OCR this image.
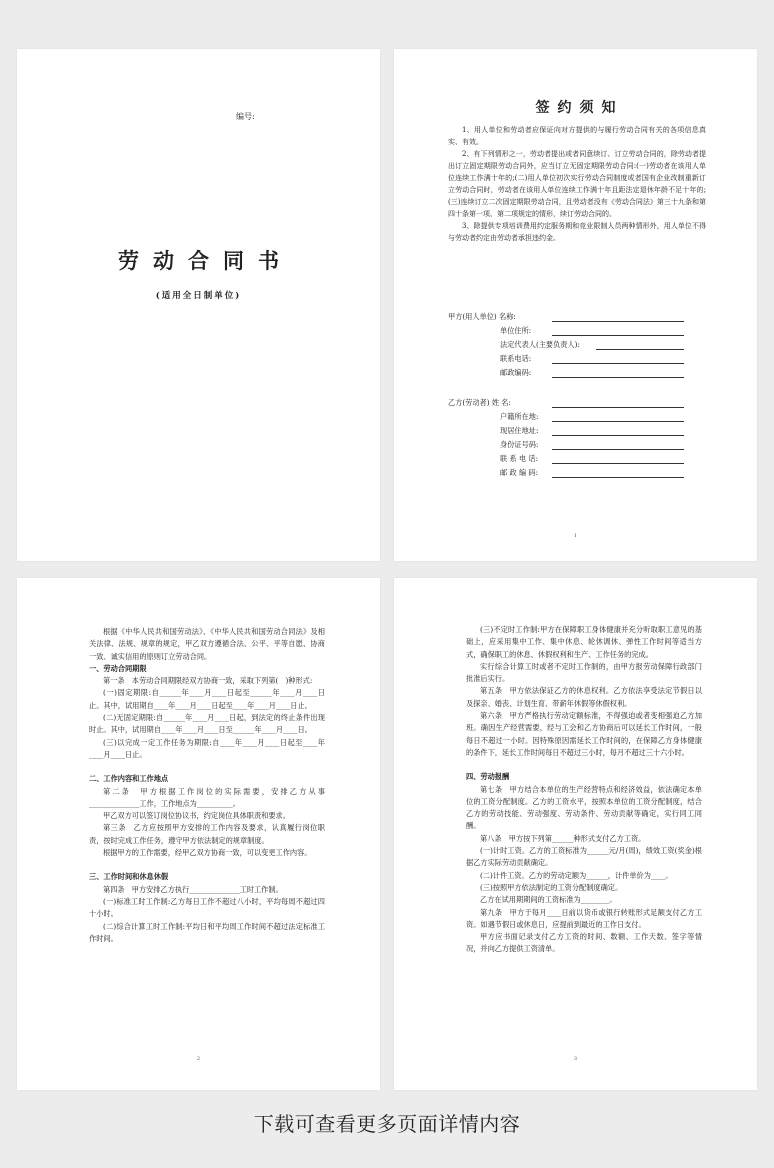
编号:
劳动合同书
(适用全日制单位)
签约须知

1、用人单位和劳动者应保证向对方提供的与履行劳动合同有关的各项信息真实、有效。

2、有下列情形之一，劳动者提出或者同意续订、订立劳动合同的，除劳动者提出订立固定期限劳动合同外，应当订立无固定期限劳动合同:(一)劳动者在该用人单位连续工作满十年的;(二)用人单位初次实行劳动合同制度或者国有企业改制重新订立劳动合同时，劳动者在该用人单位连续工作满十年且距法定退休年龄不足十年的;(三)连续订立二次固定期限劳动合同，且劳动者没有《劳动合同法》第三十九条和第四十条第一项、第二项规定的情形，续订劳动合同的。

3、除提供专项培训费用约定服务期和竞业限制人员两种情形外，用人单位不得与劳动者约定由劳动者承担违约金。

甲方(用人单位) 名称:
单位住所:
法定代表人(主要负责人):
联系电话:
邮政编码:
乙方(劳动者) 姓 名:
户籍所在地:
现居住地址:
身份证号码:
联 系 电 话:
邮 政 编 码:
1

根据《中华人民共和国劳动法》、《中华人民共和国劳动合同法》及相关法律、法规、规章的规定，甲乙双方遵循合法、公平、平等自愿、协商一致、诚实信用的原则订立劳动合同。

一、劳动合同期限

第一条　本劳动合同期限经双方协商一致，采取下列第(　)种形式:

(一)固定期限:自______年____月____日起至______年____月____日止。其中，试用期自____年____月____日起至____年____月____日止。

(二)无固定期限:自______年____月____日起，到法定的终止条件出现时止。其中，试用期自____年____月____日至______年____月____日。

(三)以完成一定工作任务为期限:自____年____月____日起至____年____月____日止。

二、工作内容和工作地点

第二条　甲方根据工作岗位的实际需要，安排乙方从事______________工作，工作地点为__________。

甲乙双方可以签订岗位协议书，约定岗位具体职责和要求。

第三条　乙方应按照甲方安排的工作内容及要求，认真履行岗位职责，按时完成工作任务，遵守甲方依法制定的规章制度。

根据甲方的工作需要，经甲乙双方协商一致，可以变更工作内容。

三、工作时间和休息休假

第四条　甲方安排乙方执行______________工时工作制。

(一)标准工时工作制:乙方每日工作不超过八小时，平均每周不超过四十小时。

(二)综合计算工时工作制:平均日和平均周工作时间不超过法定标准工作时间。

2

(三)不定时工作制:甲方在保障职工身体健康并充分听取职工意见的基础上，应采用集中工作、集中休息、轮休调休、弹性工作时间等适当方式，确保职工的休息、休假权利和生产、工作任务的完成。

实行综合计算工时或者不定时工作制的，由甲方报劳动保障行政部门批准后实行。

第五条　甲方依法保证乙方的休息权利。乙方依法享受法定节假日以及探亲、婚丧、计划生育、带薪年休假等休假权利。

第六条　甲方严格执行劳动定额标准，不得强迫或者变相强迫乙方加班。确因生产经营需要，经与工会和乙方协商后可以延长工作时间，一般每日不超过一小时。因特殊原因需延长工作时间的，在保障乙方身体健康的条件下，延长工作时间每日不超过三小时，每月不超过三十六小时。

四、劳动报酬

第七条　甲方结合本单位的生产经营特点和经济效益，依法确定本单位的工资分配制度。乙方的工资水平，按照本单位的工资分配制度，结合乙方的劳动技能、劳动强度、劳动条件、劳动贡献等确定，实行同工同酬。

第八条　甲方按下列第______种形式支付乙方工资。

(一)计时工资。乙方的工资标准为______元/月(周)，绩效工资(奖金)根据乙方实际劳动贡献确定。

(二)计件工资。乙方的劳动定额为______，计件单价为____。

(三)按照甲方依法制定的工资分配制度确定。

乙方在试用期期间的工资标准为________。

第九条　甲方于每月____日前以货币或银行转账形式足额支付乙方工资。如遇节假日或休息日，应提前到最近的工作日支付。

甲方应书面记录支付乙方工资的时间、数额、工作天数、签字等情况，并向乙方提供工资清单。

3
下载可查看更多页面详情内容
